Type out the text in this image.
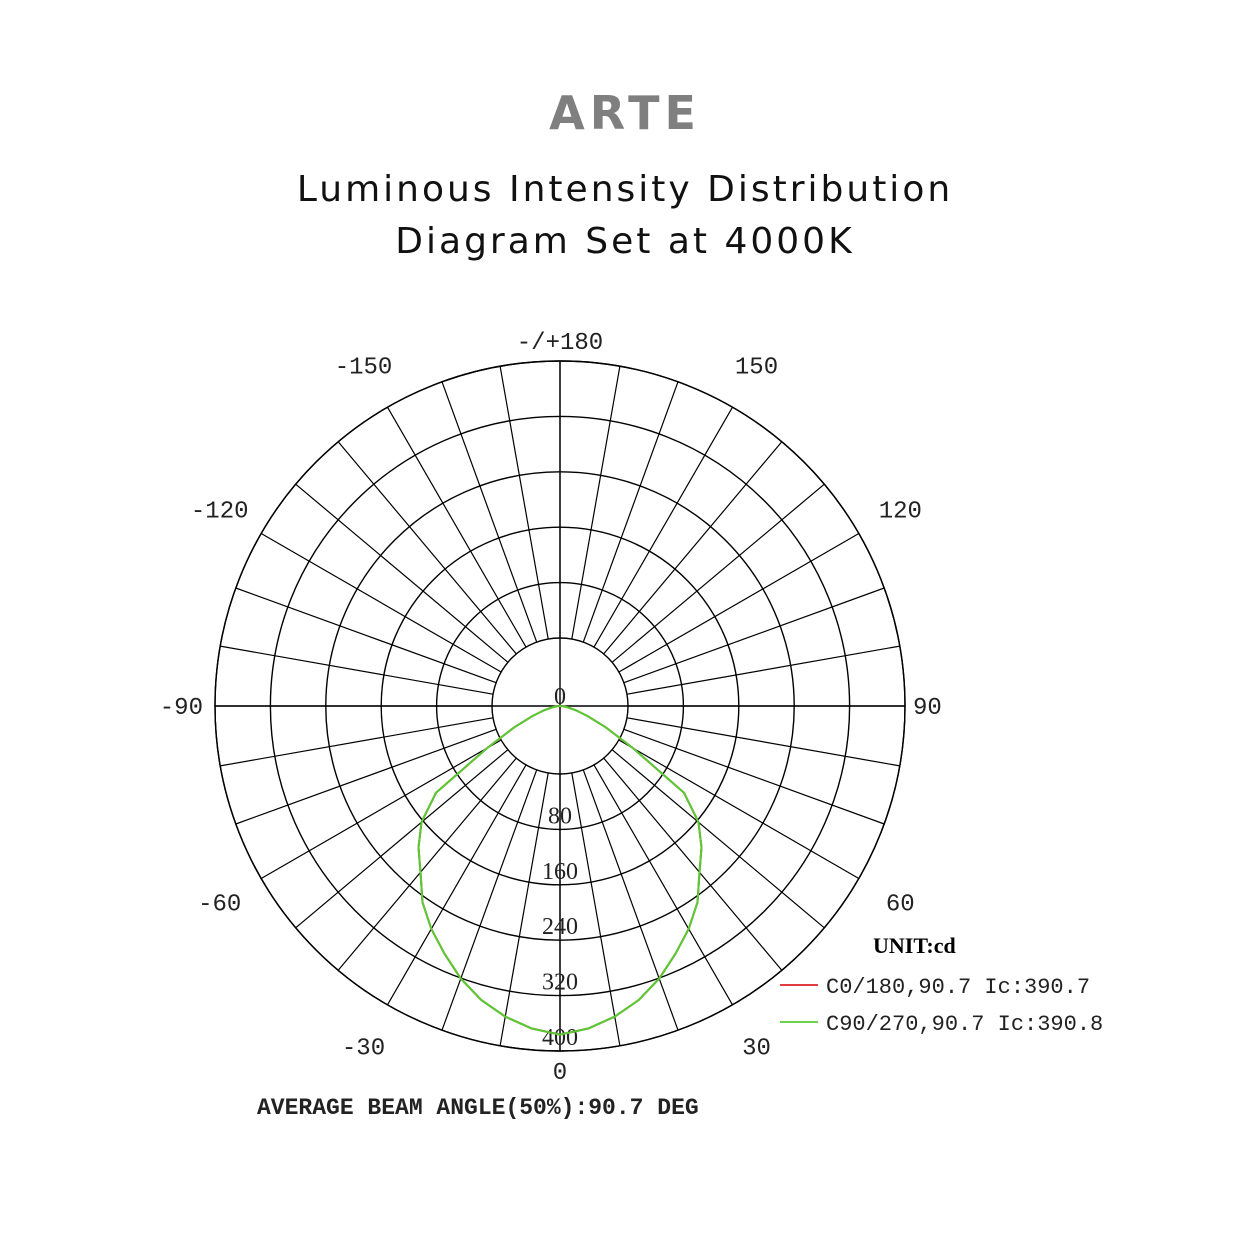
ARTE
Luminous Intensity Distribution
Diagram Set at 4000K
-/+180
-150	150
-120	120
-90	90
-60	60
-30	30
0
0
80
160
240
320
400
UNIT:cd
C0/180,90.7 Ic:390.7
C90/270,90.7 Ic:390.8
AVERAGE BEAM ANGLE(50%):90.7 DEG
